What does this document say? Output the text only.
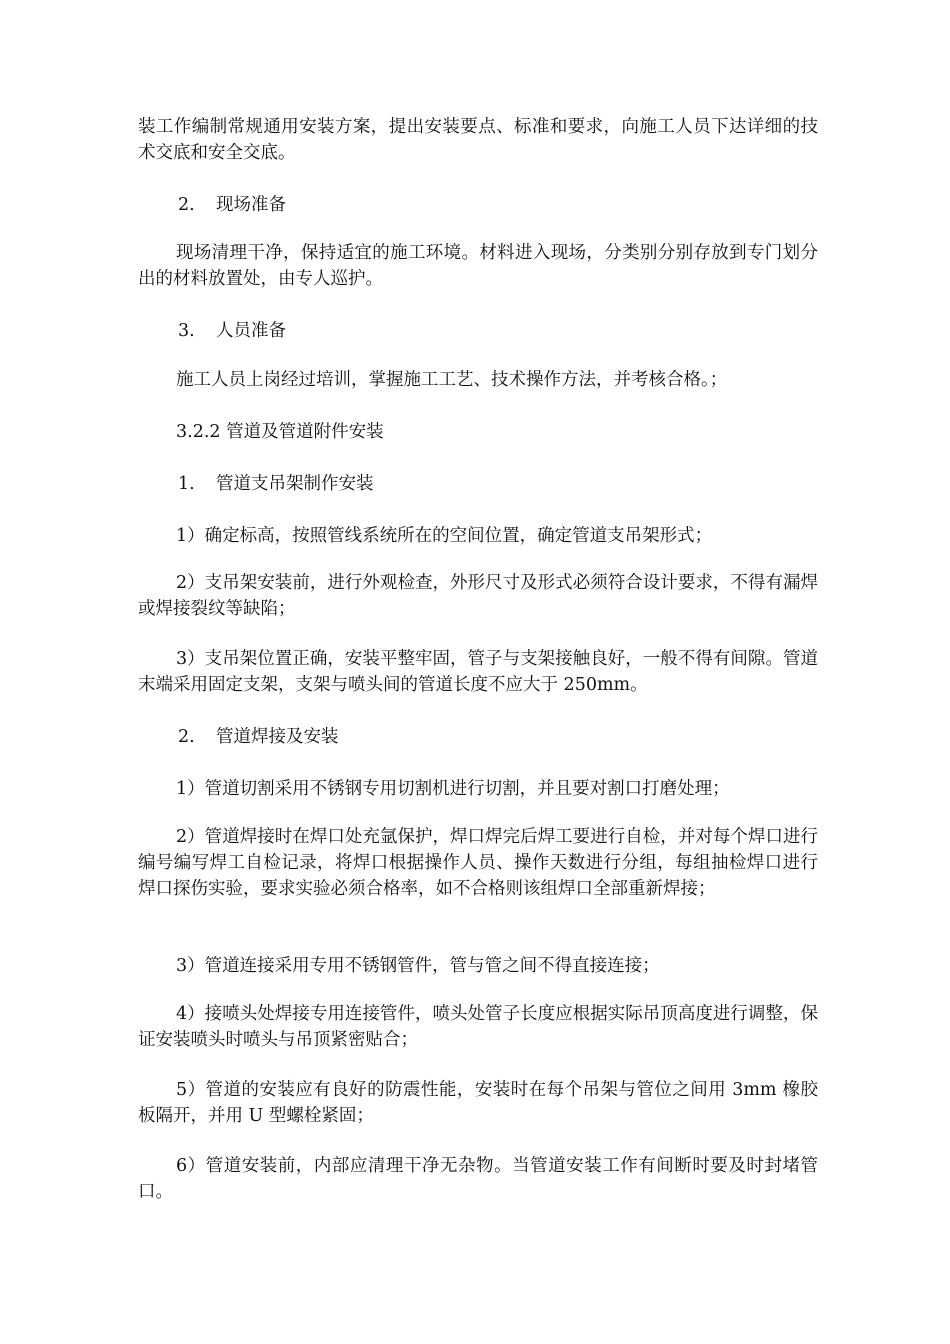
装工作编制常规通用安装方案，提出安装要点、标准和要求，向施工人员下达详细的技术交底和安全交底。
2. 现场准备
现场清理干净，保持适宜的施工环境。材料进入现场，分类别分别存放到专门划分出的材料放置处，由专人巡护。
3. 人员准备
施工人员上岗经过培训，掌握施工工艺、技术操作方法，并考核合格。；
3.2.2 管道及管道附件安装
1. 管道支吊架制作安装
1）确定标高，按照管线系统所在的空间位置，确定管道支吊架形式；
2）支吊架安装前，进行外观检查，外形尺寸及形式必须符合设计要求，不得有漏焊或焊接裂纹等缺陷；
3）支吊架位置正确，安装平整牢固，管子与支架接触良好，一般不得有间隙。管道末端采用固定支架，支架与喷头间的管道长度不应大于 250mm。
2. 管道焊接及安装
1）管道切割采用不锈钢专用切割机进行切割，并且要对割口打磨处理；
2）管道焊接时在焊口处充氩保护，焊口焊完后焊工要进行自检，并对每个焊口进行编号编写焊工自检记录，将焊口根据操作人员、操作天数进行分组，每组抽检焊口进行焊口探伤实验，要求实验必须合格率，如不合格则该组焊口全部重新焊接；
3）管道连接采用专用不锈钢管件，管与管之间不得直接连接；
4）接喷头处焊接专用连接管件，喷头处管子长度应根据实际吊顶高度进行调整，保证安装喷头时喷头与吊顶紧密贴合；
5）管道的安装应有良好的防震性能，安装时在每个吊架与管位之间用 3mm 橡胶板隔开，并用 U 型螺栓紧固；
6）管道安装前，内部应清理干净无杂物。当管道安装工作有间断时要及时封堵管口。
